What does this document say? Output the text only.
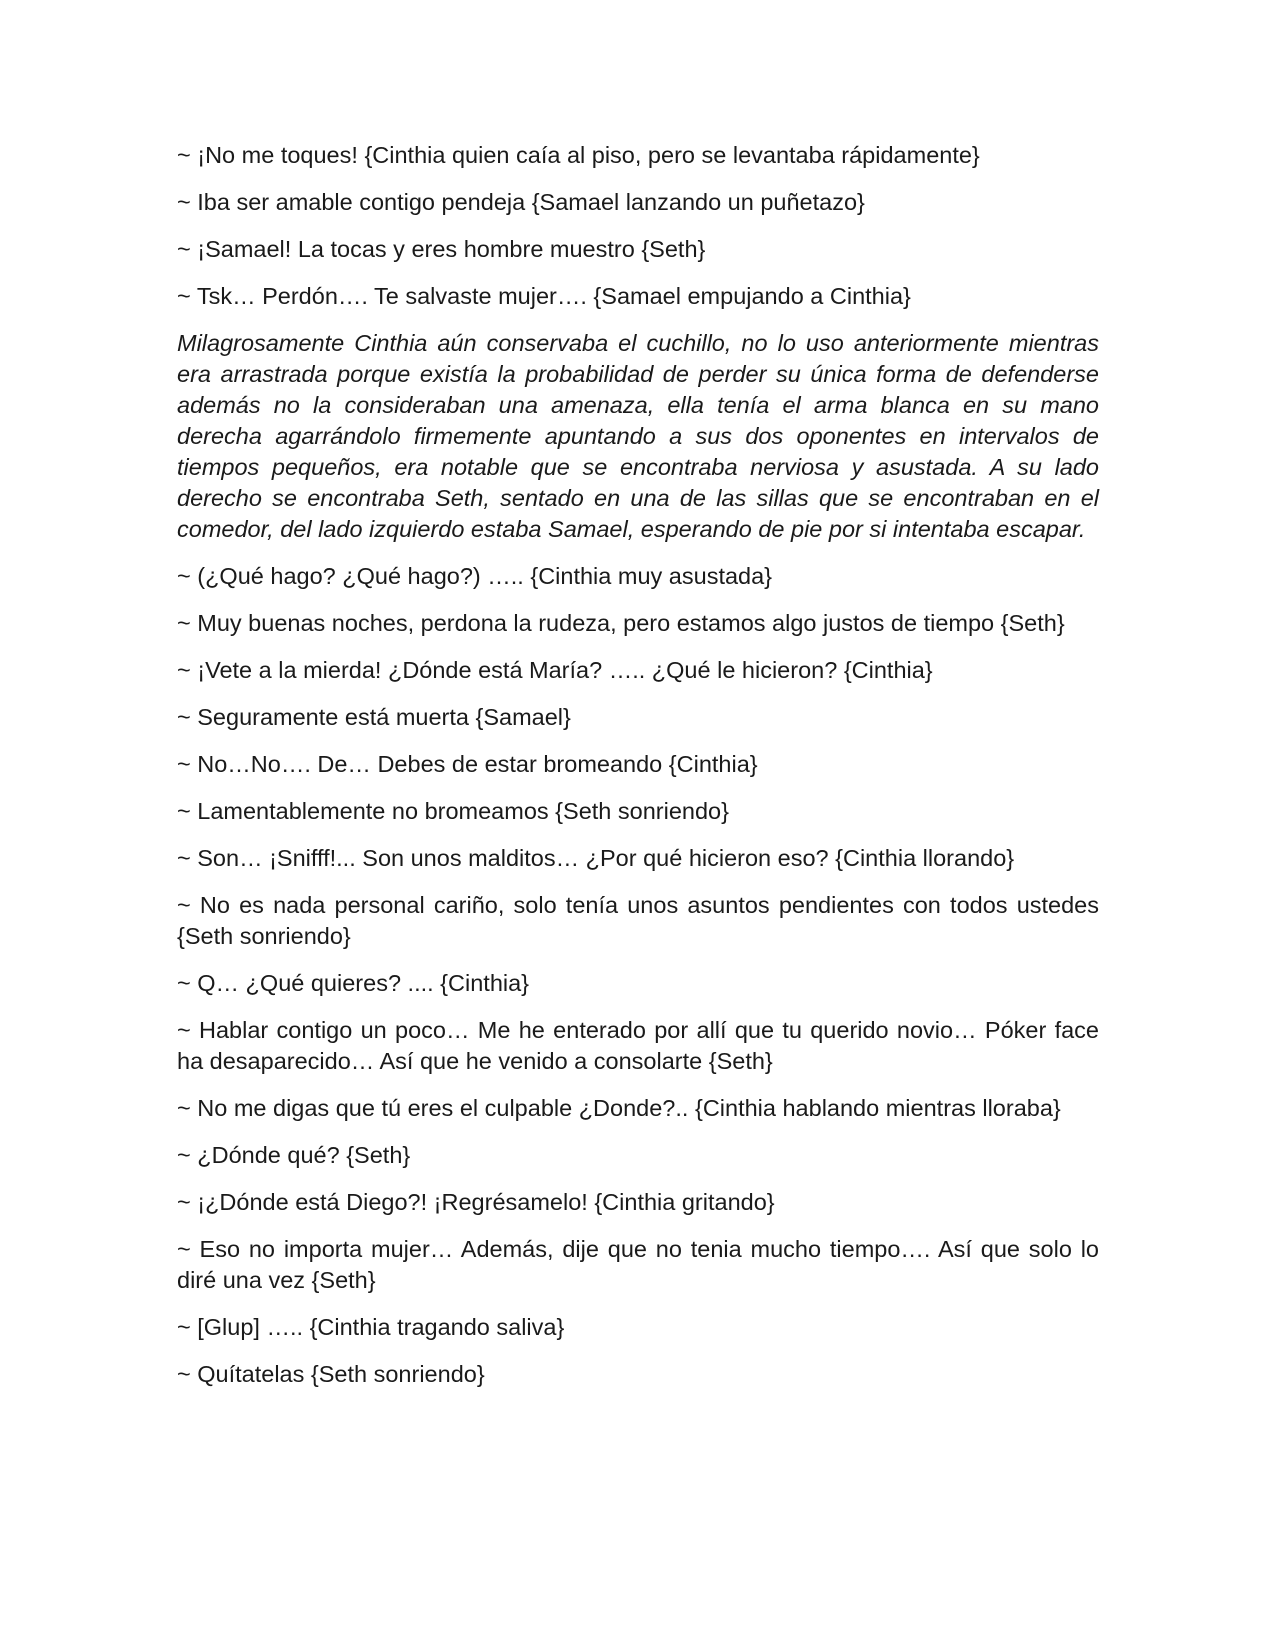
~ ¡No me toques! {Cinthia quien caía al piso, pero se levantaba rápidamente}

~ Iba ser amable contigo pendeja {Samael lanzando un puñetazo}

~ ¡Samael! La tocas y eres hombre muestro {Seth}

~ Tsk… Perdón…. Te salvaste mujer…. {Samael empujando a Cinthia}

Milagrosamente Cinthia aún conservaba el cuchillo, no lo uso anteriormente mientras era arrastrada porque existía la probabilidad de perder su única forma de defenderse además no la consideraban una amenaza, ella tenía el arma blanca en su mano derecha agarrándolo firmemente apuntando a sus dos oponentes en intervalos de tiempos pequeños, era notable que se encontraba nerviosa y asustada. A su lado derecho se encontraba Seth, sentado en una de las sillas que se encontraban en el comedor, del lado izquierdo estaba Samael, esperando de pie por si intentaba escapar.

~ (¿Qué hago? ¿Qué hago?) ….. {Cinthia muy asustada}

~ Muy buenas noches, perdona la rudeza, pero estamos algo justos de tiempo {Seth}

~ ¡Vete a la mierda! ¿Dónde está María? ….. ¿Qué le hicieron? {Cinthia}

~ Seguramente está muerta {Samael}

~ No…No…. De… Debes de estar bromeando {Cinthia}

~ Lamentablemente no bromeamos {Seth sonriendo}

~ Son… ¡Snifff!... Son unos malditos… ¿Por qué hicieron eso? {Cinthia llorando}

~ No es nada personal cariño, solo tenía unos asuntos pendientes con todos ustedes {Seth sonriendo}

~ Q… ¿Qué quieres? .... {Cinthia}

~ Hablar contigo un poco… Me he enterado por allí que tu querido novio… Póker face ha desaparecido… Así que he venido a consolarte {Seth}

~ No me digas que tú eres el culpable ¿Donde?.. {Cinthia hablando mientras lloraba}

~ ¿Dónde qué? {Seth}

~ ¡¿Dónde está Diego?! ¡Regrésamelo! {Cinthia gritando}

~ Eso no importa mujer… Además, dije que no tenia mucho tiempo…. Así que solo lo diré una vez {Seth}

~ [Glup] ….. {Cinthia tragando saliva}

~ Quítatelas {Seth sonriendo}
